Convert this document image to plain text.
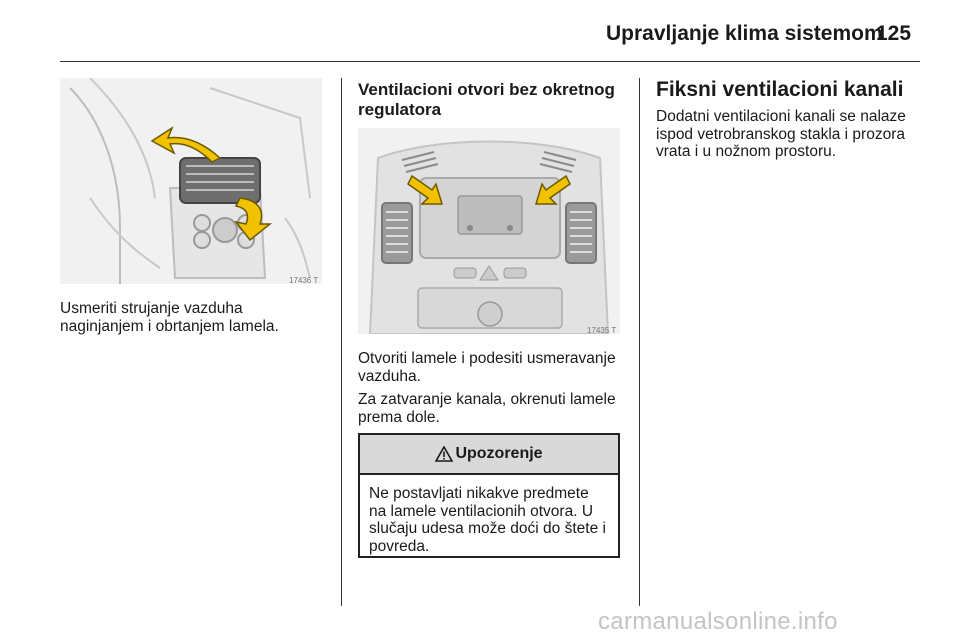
Upravljanje klima sistemom
125
17436 T

Usmeriti strujanje vazduha naginjanjem i obrtanjem lamela.

Ventilacioni otvori bez okretnog regulatora
17435 T

Otvoriti lamele i podesiti usmeravanje vazduha.

Za zatvaranje kanala, okrenuti lamele prema dole.

Upozorenje

Ne postavljati nikakve predmete na lamele ventilacionih otvora. U slučaju udesa može doći do štete i povreda.

Fiksni ventilacioni kanali

Dodatni ventilacioni kanali se nalaze ispod vetrobranskog stakla i prozora vrata i u nožnom prostoru.

carmanualsonline.info
